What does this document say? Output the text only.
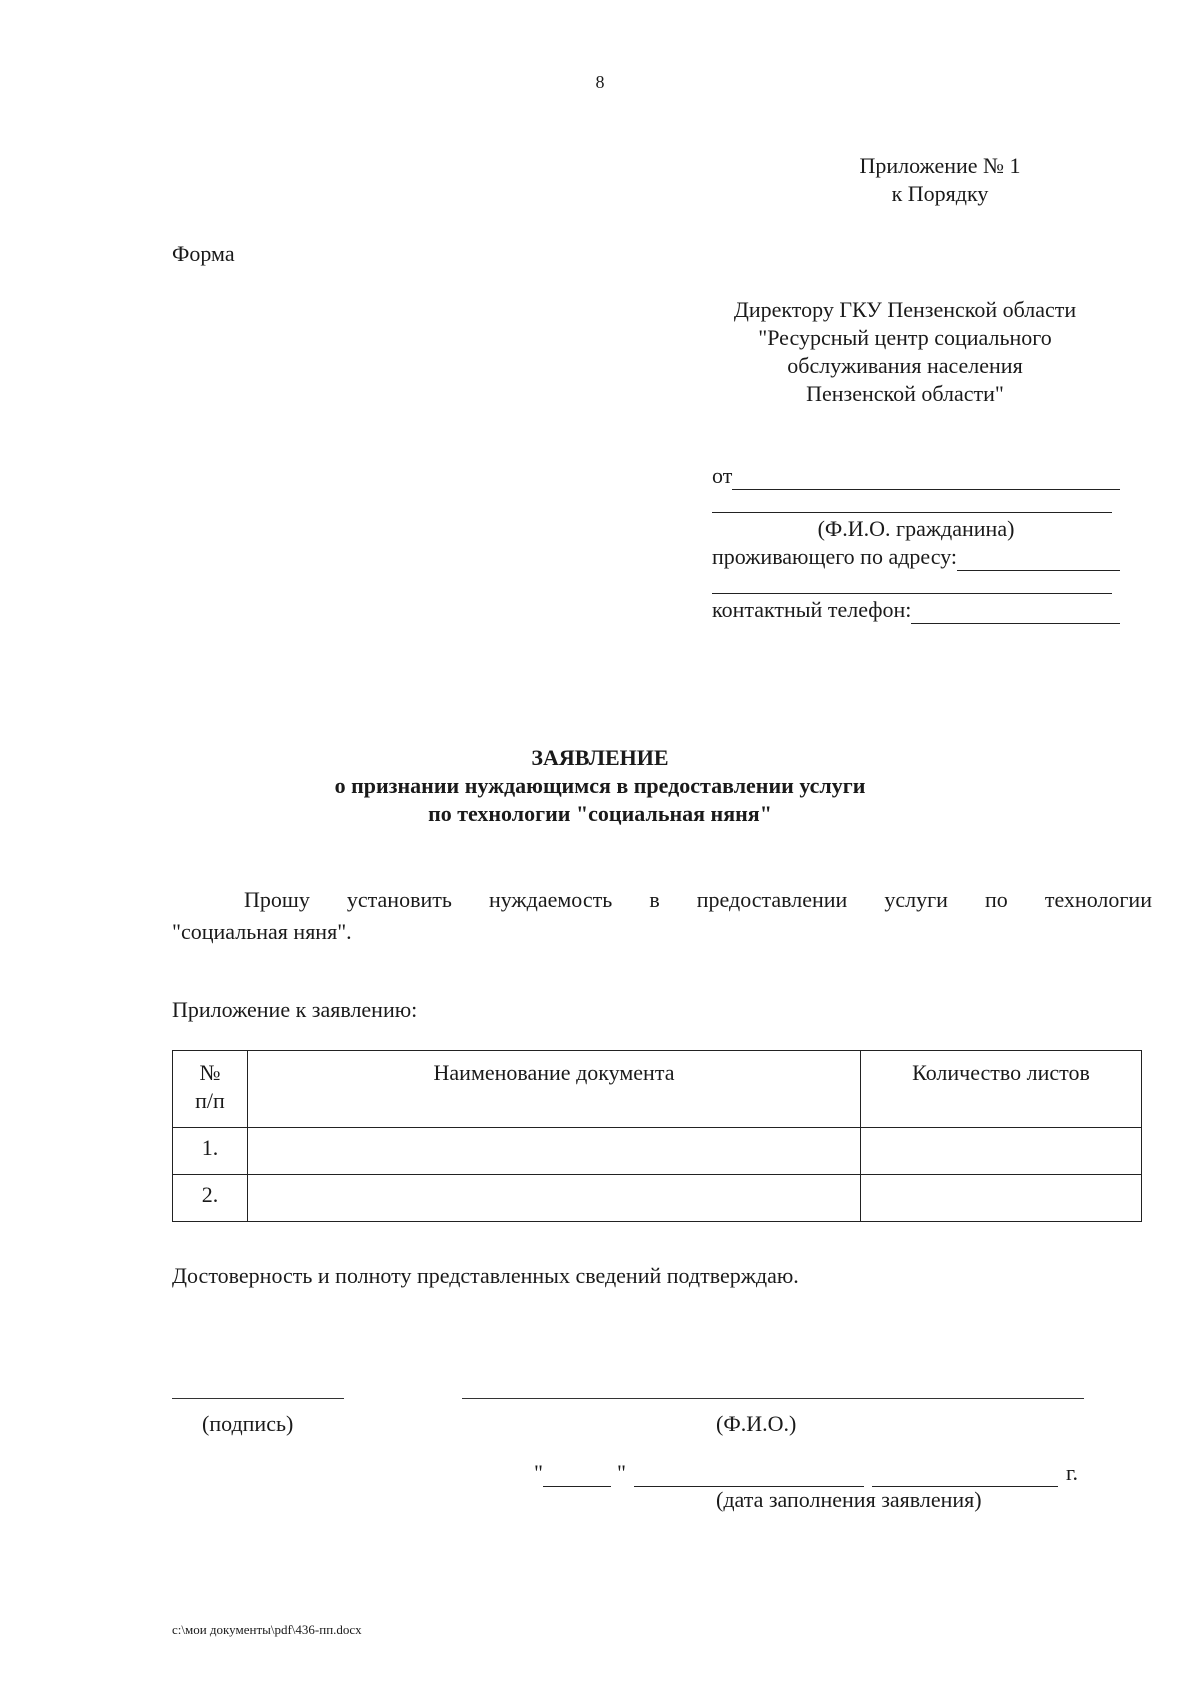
8
Приложение № 1
к Порядку
Форма
Директору ГКУ Пензенской области
"Ресурсный центр социального
обслуживания населения
Пензенской области"
от
(Ф.И.О. гражданина)
проживающего по адресу:
контактный телефон:
ЗАЯВЛЕНИЕ
о признании нуждающимся в предоставлении услуги
по технологии "социальная няня"
Прошу установить нуждаемость в предоставлении услуги по технологии
"социальная няня".
Приложение к заявлению:
№
п/п	Наименование документа	Количество листов
1.		
2.		
Достоверность и полноту представленных сведений подтверждаю.
(подпись)	(Ф.И.О.)
"	"	г.
(дата заполнения заявления)
c:\мои документы\pdf\436-пп.docx
